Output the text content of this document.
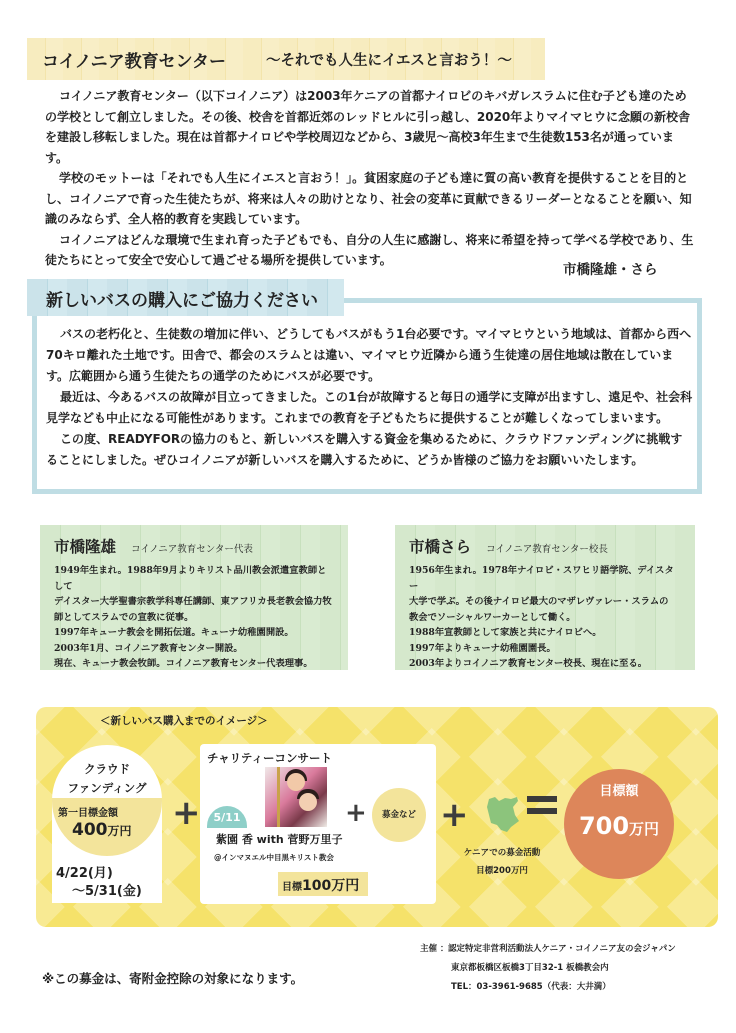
コイノニア教育センター	～それでも人生にイエスと言おう！～

コイノニア教育センター（以下コイノニア）は2003年ケニアの首都ナイロビのキバガレスラムに住む子ども達のための学校として創立しました。その後、校舎を首都近郊のレッドヒルに引っ越し、2020年よりマイマヒウに念願の新校舎を建設し移転しました。現在は首都ナイロビや学校周辺などから、3歳児～高校3年生まで生徒数153名が通っています。

学校のモットーは「それでも人生にイエスと言おう！」。貧困家庭の子ども達に質の高い教育を提供することを目的とし、コイノニアで育った生徒たちが、将来は人々の助けとなり、社会の変革に貢献できるリーダーとなることを願い、知識のみならず、全人格的教育を実践しています。

コイノニアはどんな環境で生まれ育った子どもでも、自分の人生に感謝し、将来に希望を持って学べる学校であり、生徒たちにとって安全で安心して過ごせる場所を提供しています。

市橋隆雄・さら
新しいバスの購入にご協力ください

バスの老朽化と、生徒数の増加に伴い、どうしてもバスがもう1台必要です。マイマヒウという地域は、首都から西へ70キロ離れた土地です。田舎で、都会のスラムとは違い、マイマヒウ近隣から通う生徒達の居住地域は散在しています。広範囲から通う生徒たちの通学のためにバスが必要です。

最近は、今あるバスの故障が目立ってきました。この1台が故障すると毎日の通学に支障が出ますし、遠足や、社会科見学なども中止になる可能性があります。これまでの教育を子どもたちに提供することが難しくなってしまいます。

この度、READYFORの協力のもと、新しいバスを購入する資金を集めるために、クラウドファンディングに挑戦することにしました。ぜひコイノニアが新しいバスを購入するために、どうか皆様のご協力をお願いいたします。

市橋隆雄 コイノニア教育センター代表

1949年生まれ。1988年9月よりキリスト品川教会派遣宣教師として

デイスター大学聖書宗教学科専任講師、東アフリカ長老教会協力牧

師としてスラムでの宣教に従事。

1997年キューナ教会を開拓伝道。キューナ幼稚園開設。

2003年1月、コイノニア教育センター開設。

現在、キューナ教会牧師。コイノニア教育センター代表理事。

市橋さら コイノニア教育センター校長

1956年生まれ。1978年ナイロビ・スワヒリ語学院、デイスター

大学で学ぶ。その後ナイロビ最大のマザレヴァレー・スラムの

教会でソーシャルワーカーとして働く。

1988年宣教師として家族と共にナイロビへ。

1997年よりキューナ幼稚園園長。

2003年よりコイノニア教育センター校長、現在に至る。

＜新しいバス購入までのイメージ＞
クラウド
ファンディング
第一目標金額
400万円
4/22(月)
～5/31(金)
+
チャリティーコンサート
5/11
紫園 香 with 菅野万里子
@インマヌエル中目黒キリスト教会
目標100万円
+	募金など +
ケニアでの募金活動
目標200万円
目標額
700万円
※この募金は、寄附金控除の対象になります。
主催 ：認定特定非営利活動法人ケニア・コイノニア友の会ジャパン
東京都板橋区板橋3丁目32-1 板橋教会内
TEL：03-3961-9685（代表：大井満）
